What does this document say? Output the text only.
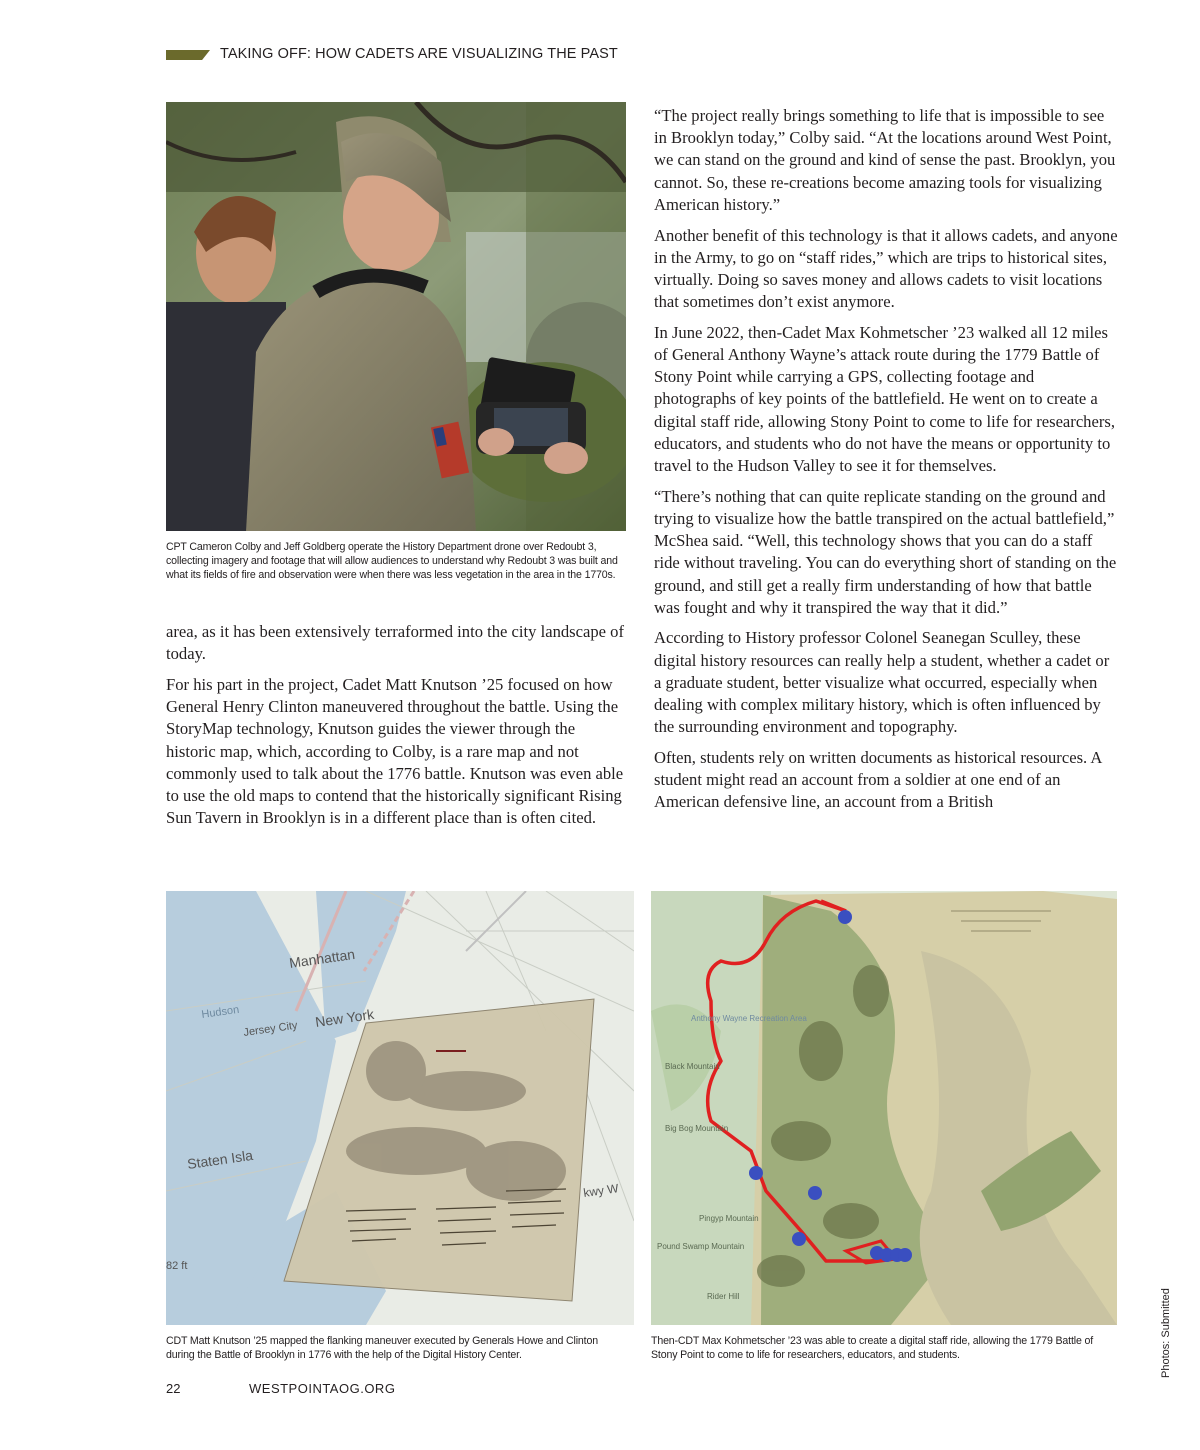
TAKING OFF: HOW CADETS ARE VISUALIZING THE PAST
CPT Cameron Colby and Jeff Goldberg operate the History Department drone over Redoubt 3, collecting imagery and footage that will allow audiences to understand why Redoubt 3 was built and what its fields of fire and observation were when there was less vegetation in the area in the 1770s.

area, as it has been extensively terraformed into the city landscape of today.

For his part in the project, Cadet Matt Knutson ’25 focused on how General Henry Clinton maneuvered throughout the battle. Using the StoryMap technology, Knutson guides the viewer through the historic map, which, according to Colby, is a rare map and not commonly used to talk about the 1776 battle. Knutson was even able to use the old maps to contend that the historically significant Rising Sun Tavern in Brooklyn is in a different place than is often cited.

“The project really brings something to life that is impossible to see in Brooklyn today,” Colby said. “At the locations around West Point, we can stand on the ground and kind of sense the past. Brooklyn, you cannot. So, these re-creations become amazing tools for visualizing American history.”

Another benefit of this technology is that it allows cadets, and anyone in the Army, to go on “staff rides,” which are trips to historical sites, virtually. Doing so saves money and allows cadets to visit locations that sometimes don’t exist anymore.

In June 2022, then-Cadet Max Kohmetscher ’23 walked all 12 miles of General Anthony Wayne’s attack route during the 1779 Battle of Stony Point while carrying a GPS, collecting footage and photographs of key points of the battlefield. He went on to create a digital staff ride, allowing Stony Point to come to life for researchers, educators, and students who do not have the means or opportunity to travel to the Hudson Valley to see it for themselves.

“There’s nothing that can quite replicate standing on the ground and trying to visualize how the battle transpired on the actual battlefield,” McShea said. “Well, this technology shows that you can do a staff ride without traveling. You can do everything short of standing on the ground, and still get a really firm understanding of how that battle was fought and why it transpired the way that it did.”

According to History professor Colonel Seanegan Sculley, these digital history resources can really help a student, whether a cadet or a graduate student, better visualize what occurred, especially when dealing with complex military history, which is often influenced by the surrounding environment and topography.

Often, students rely on written documents as historical resources. A student might read an account from a soldier at one end of an American defensive line, an account from a British

Manhattan
New York
Jersey City
Hudson
Staten Isla
kwy W
82 ft
CDT Matt Knutson ’25 mapped the flanking maneuver executed by Generals Howe and Clinton during the Battle of Brooklyn in 1776 with the help of the Digital History Center.
Black Mountain
Big Bog Mountain
Pingyp Mountain
Pound Swamp Mountain
Rider Hill
Anthony Wayne Recreation Area
Then-CDT Max Kohmetscher ’23 was able to create a digital staff ride, allowing the 1779 Battle of Stony Point to come to life for researchers, educators, and students.	Photos: Submitted
22	WESTPOINTAOG.ORG
